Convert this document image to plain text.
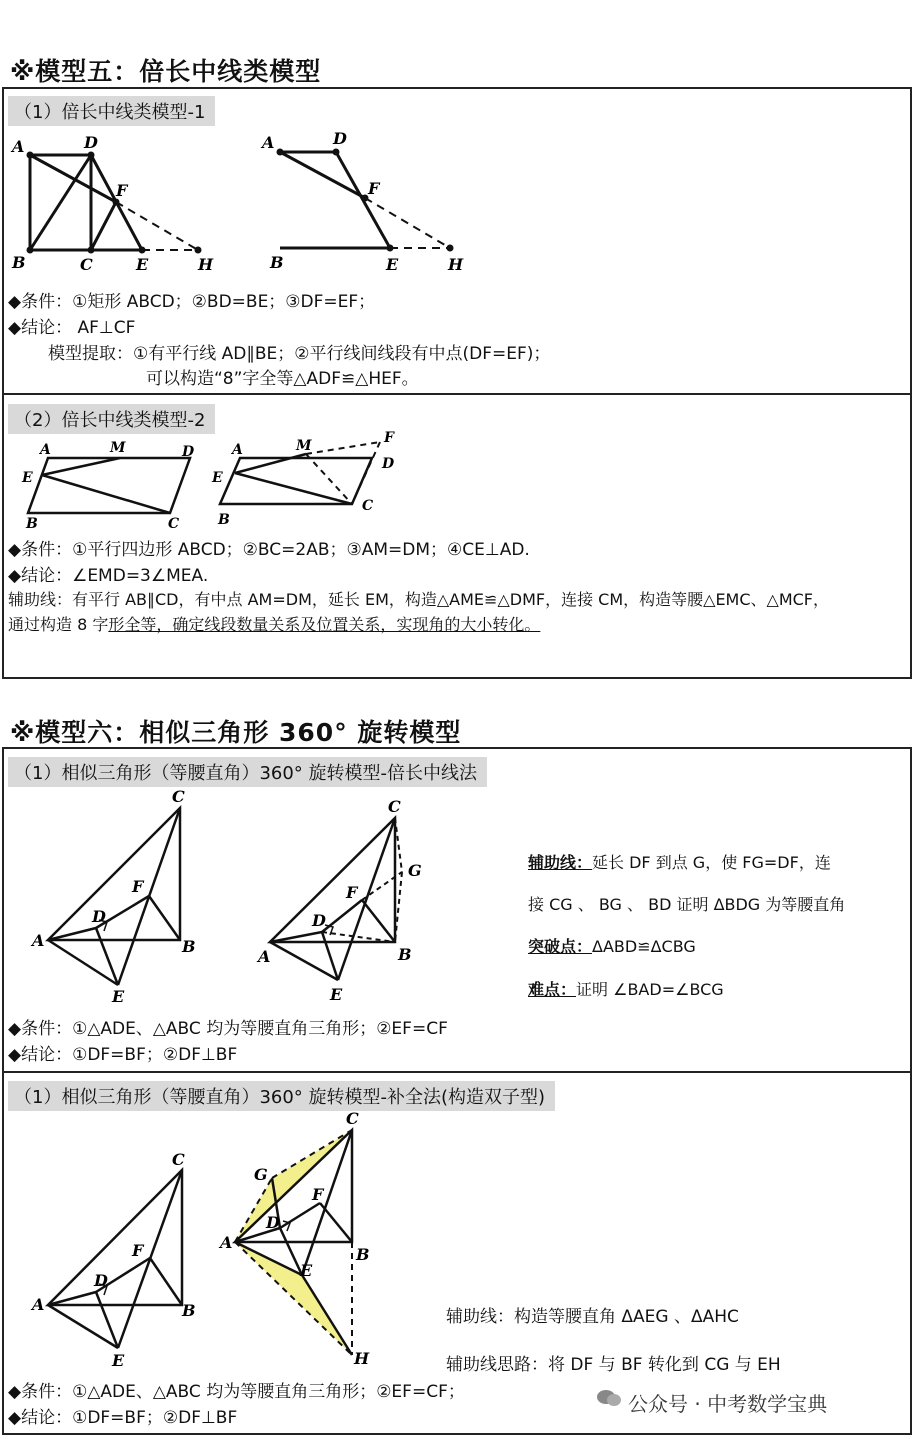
※模型五：倍长中线类模型
（1）倍长中线类模型-1
A	D
F
B	C	E	H
A	D
F
B	E	H
◆条件：①矩形 ABCD；②BD=BE；③DF=EF；
◆结论： AF⊥CF
模型提取：①有平行线 AD∥BE；②平行线间线段有中点(DF=EF)；
可以构造“8”字全等△ADF≌△HEF。
（2）倍长中线类模型-2
A	M	D
E
B	C
A	M	F
D
E
B
C
◆条件：①平行四边形 ABCD；②BC=2AB；③AM=DM；④CE⊥AD.
◆结论：∠EMD=3∠MEA.
辅助线：有平行 AB∥CD，有中点 AM=DM，延长 EM，构造△AME≌△DMF，连接 CM，构造等腰△EMC、△MCF，
通过构造 8 字形全等，确定线段数量关系及位置关系，实现角的大小转化。
※模型六：相似三角形 360° 旋转模型
（1）相似三角形（等腰直角）360° 旋转模型-倍长中线法
C
F
D
A	B
E
C
G
F
D
A	B
E
辅助线：延长 DF 到点 G，使 FG=DF，连
接 CG 、 BG 、 BD 证明 ΔBDG 为等腰直角
突破点：ΔABD≌ΔCBG
难点：证明 ∠BAD=∠BCG
◆条件：①△ADE、△ABC 均为等腰直角三角形；②EF=CF
◆结论：①DF=BF；②DF⊥BF
（1）相似三角形（等腰直角）360° 旋转模型-补全法(构造双子型)
C
F
D
A	B
E
C
G
F
D
A
B
E
H
辅助线：构造等腰直角 ΔAEG 、ΔAHC
辅助线思路：将 DF 与 BF 转化到 CG 与 EH
◆条件：①△ADE、△ABC 均为等腰直角三角形；②EF=CF；
◆结论：①DF=BF；②DF⊥BF
公众号 · 中考数学宝典
